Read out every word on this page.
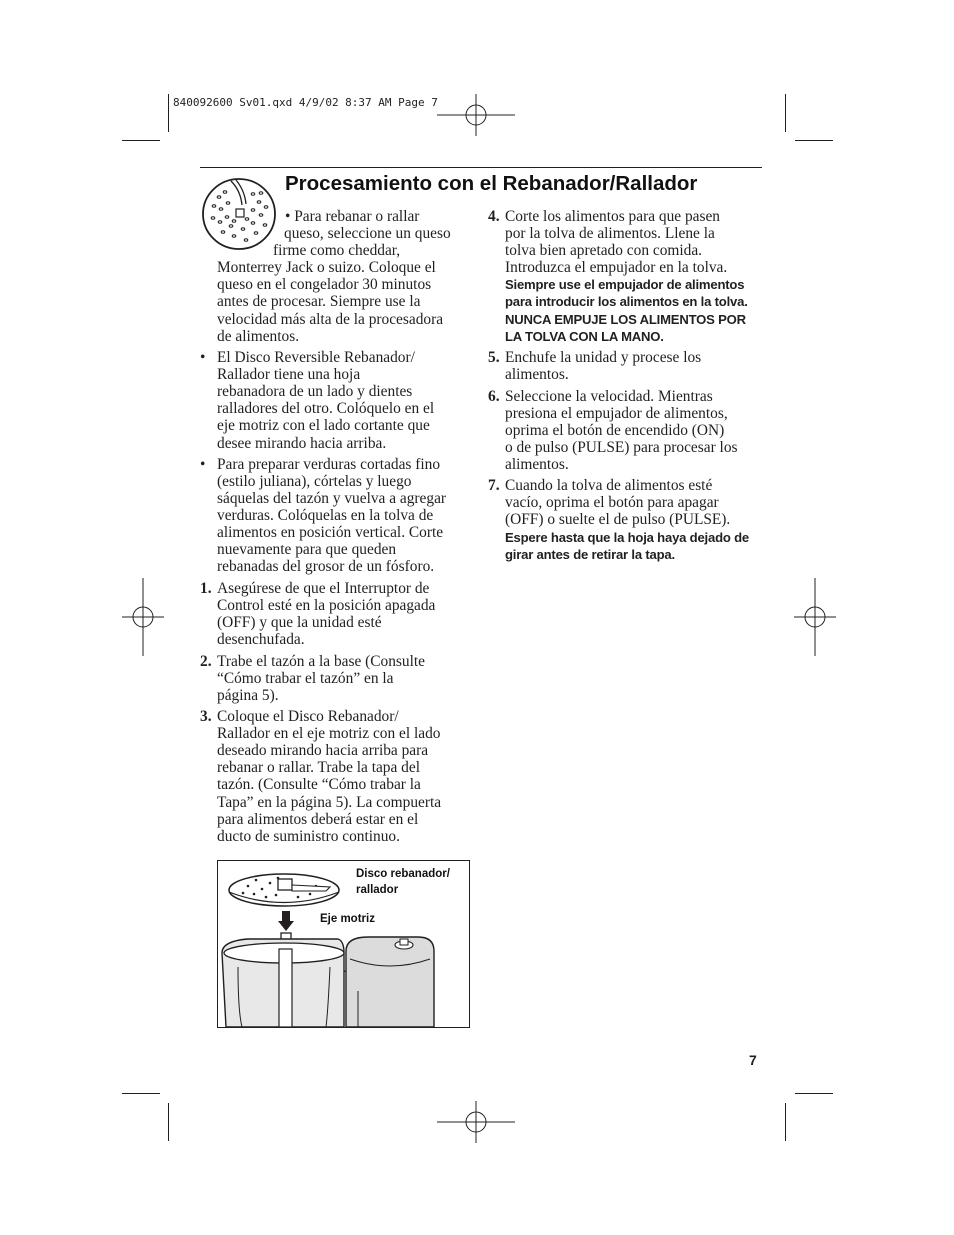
840092600 Sv01.qxd 4/9/02 8:37 AM Page 7
Procesamiento con el Rebanador/Rallador
• Para rebanar o rallar
queso, seleccione un queso
firme como cheddar,
Monterrey Jack o suizo. Coloque el
queso en el congelador 30 minutos
antes de procesar. Siempre use la
velocidad más alta de la procesadora
de alimentos.
• El Disco Reversible Rebanador/
Rallador tiene una hoja
rebanadora de un lado y dientes
ralladores del otro. Colóquelo en el
eje motriz con el lado cortante que
desee mirando hacia arriba.
• Para preparar verduras cortadas fino
(estilo juliana), córtelas y luego
sáquelas del tazón y vuelva a agregar
verduras. Colóquelas en la tolva de
alimentos en posición vertical. Corte
nuevamente para que queden
rebanadas del grosor de un fósforo.
1. Asegúrese de que el Interruptor de
Control esté en la posición apagada
(OFF) y que la unidad esté
desenchufada.
2. Trabe el tazón a la base (Consulte
“Cómo trabar el tazón” en la
página 5).
3. Coloque el Disco Rebanador/
Rallador en el eje motriz con el lado
deseado mirando hacia arriba para
rebanar o rallar. Trabe la tapa del
tazón. (Consulte “Cómo trabar la
Tapa” en la página 5). La compuerta
para alimentos deberá estar en el
ducto de suministro continuo.
4. Corte los alimentos para que pasen
por la tolva de alimentos. Llene la
tolva bien apretado con comida.
Introduzca el empujador en la tolva.
Siempre use el empujador de alimentos
para introducir los alimentos en la tolva.
NUNCA EMPUJE LOS ALIMENTOS POR
LA TOLVA CON LA MANO.
5. Enchufe la unidad y procese los
alimentos.
6. Seleccione la velocidad. Mientras
presiona el empujador de alimentos,
oprima el botón de encendido (ON)
o de pulso (PULSE) para procesar los
alimentos.
7. Cuando la tolva de alimentos esté
vacío, oprima el botón para apagar
(OFF) o suelte el de pulso (PULSE).
Espere hasta que la hoja haya dejado de
girar antes de retirar la tapa.
Disco rebanador/
rallador
Eje motriz
7
